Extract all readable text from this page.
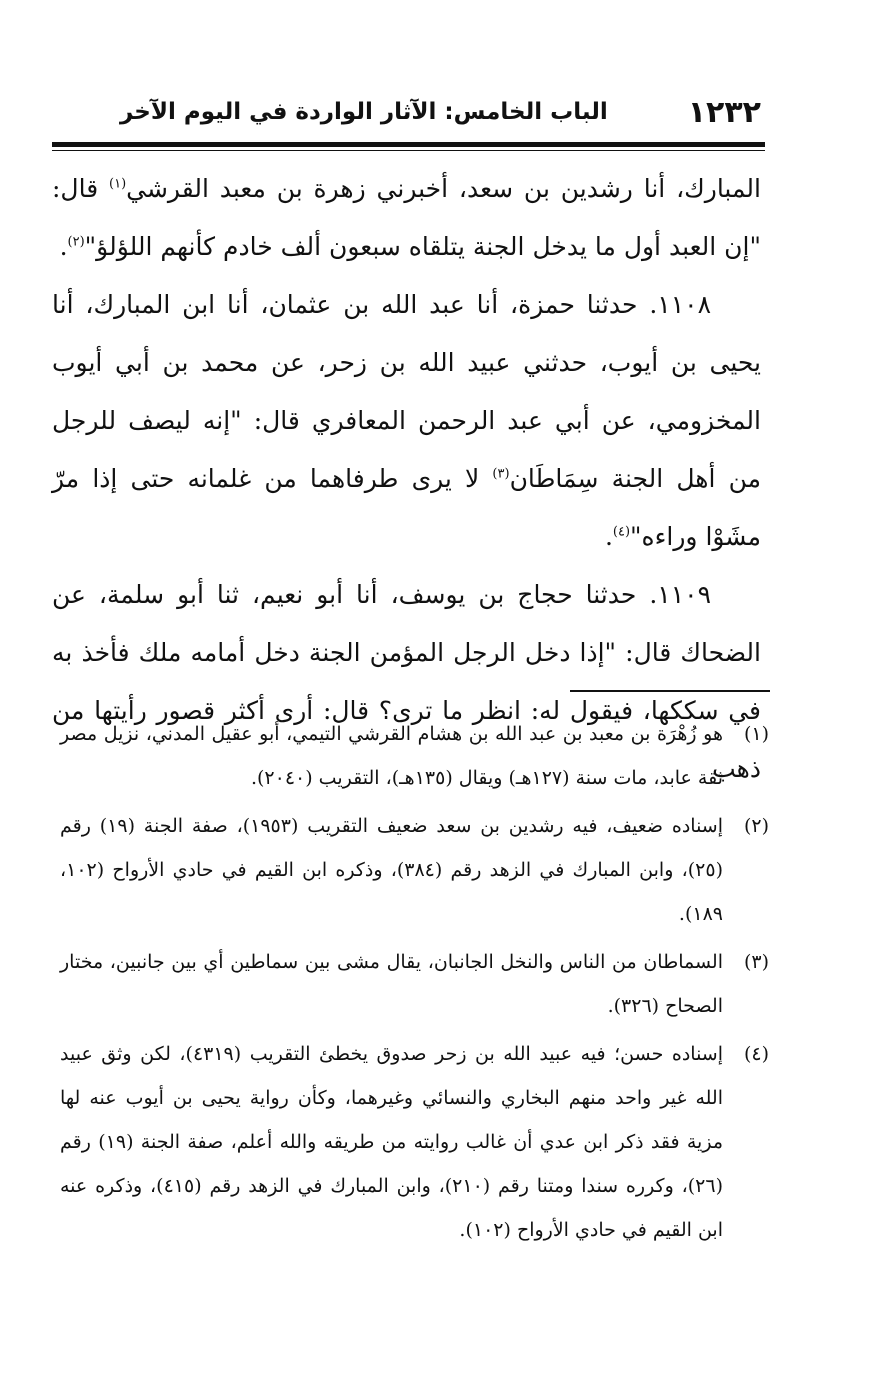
١٢٣٢
الباب الخامس: الآثار الواردة في اليوم الآخر

المبارك، أنا رشدين بن سعد، أخبرني زهرة بن معبد القرشي$^{(١)}$ قال: "إن العبد أول ما يدخل الجنة يتلقاه سبعون ألف خادم كأنهم اللؤلؤ"$^{(٢)}$.

١١٠٨. حدثنا حمزة، أنا عبد الله بن عثمان، أنا ابن المبارك، أنا يحيى بن أيوب، حدثني عبيد الله بن زحر، عن محمد بن أبي أيوب المخزومي، عن أبي عبد الرحمن المعافري قال: "إنه ليصف للرجل من أهل الجنة سِمَاطَان$^{(٣)}$ لا يرى طرفاهما من غلمانه حتى إذا مرّ مشَوْا وراءه"$^{(٤)}$.

١١٠٩. حدثنا حجاج بن يوسف، أنا أبو نعيم، ثنا أبو سلمة، عن الضحاك قال: "إذا دخل الرجل المؤمن الجنة دخل أمامه ملك فأخذ به في سككها، فيقول له: انظر ما ترى؟ قال: أرى أكثر قصور رأيتها من ذهب

(١)
هو زُهْرَة بن معبد بن عبد الله بن هشام القرشي التيمي، أبو عقيل المدني، نزيل مصر ثقة عابد، مات سنة (١٢٧هـ) ويقال (١٣٥هـ)، التقريب (٢٠٤٠).

(٢)
إسناده ضعيف، فيه رشدين بن سعد ضعيف التقريب (١٩٥٣)، صفة الجنة (١٩) رقم (٢٥)، وابن المبارك في الزهد رقم (٣٨٤)، وذكره ابن القيم في حادي الأرواح (١٠٢، ١٨٩).

(٣)
السماطان من الناس والنخل الجانبان، يقال مشى بين سماطين أي بين جانبين، مختار الصحاح (٣٢٦).

(٤)
إسناده حسن؛ فيه عبيد الله بن زحر صدوق يخطئ التقريب (٤٣١٩)، لكن وثق عبيد الله غير واحد منهم البخاري والنسائي وغيرهما، وكأن رواية يحيى بن أيوب عنه لها مزية فقد ذكر ابن عدي أن غالب روايته من طريقه والله أعلم، صفة الجنة (١٩) رقم (٢٦)، وكرره سندا ومتنا رقم (٢١٠)، وابن المبارك في الزهد رقم (٤١٥)، وذكره عنه ابن القيم في حادي الأرواح (١٠٢).
